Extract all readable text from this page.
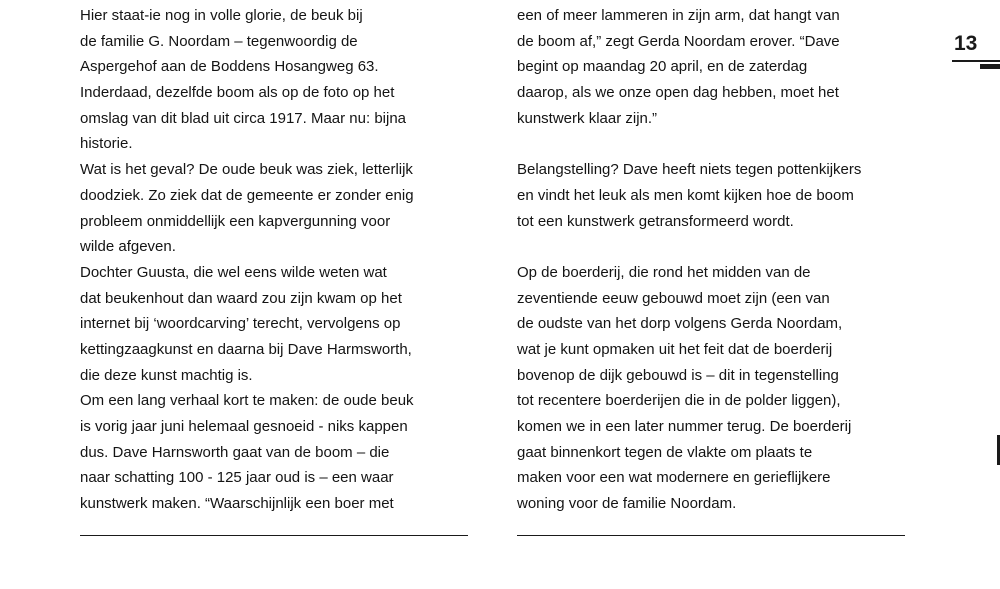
Hier staat-ie nog in volle glorie, de beuk bij
de familie G. Noordam – tegenwoordig de
Aspergehof aan de Boddens Hosangweg 63.
Inderdaad, dezelfde boom als op de foto op het
omslag van dit blad uit circa 1917. Maar nu: bijna
historie.
Wat is het geval? De oude beuk was ziek, letterlijk
doodziek. Zo ziek dat de gemeente er zonder enig
probleem onmiddellijk een kapvergunning voor
wilde afgeven.
Dochter Guusta, die wel eens wilde weten wat
dat beukenhout dan waard zou zijn kwam op het
internet bij ‘woordcarving’ terecht, vervolgens op
kettingzaagkunst en daarna bij Dave Harmsworth,
die deze kunst machtig is.
Om een lang verhaal kort te maken: de oude beuk
is vorig jaar juni helemaal gesnoeid - niks kappen
dus. Dave Harnsworth gaat van de boom – die
naar schatting 100 - 125 jaar oud is – een waar
kunstwerk maken. “Waarschijnlijk een boer met
een of meer lammeren in zijn arm, dat hangt van
de boom af,” zegt Gerda Noordam erover. “Dave
begint op maandag 20 april, en de zaterdag
daarop, als we onze open dag hebben, moet het
kunstwerk klaar zijn.”
Belangstelling? Dave heeft niets tegen pottenkijkers
en vindt het leuk als men komt kijken hoe de boom
tot een kunstwerk getransformeerd wordt.
Op de boerderij, die rond het midden van de
zeventiende eeuw gebouwd moet zijn (een van
de oudste van het dorp volgens Gerda Noordam,
wat je kunt opmaken uit het feit dat de boerderij
bovenop de dijk gebouwd is – dit in tegenstelling
tot recentere boerderijen die in de polder liggen),
komen we in een later nummer terug. De boerderij
gaat binnenkort tegen de vlakte om plaats te
maken voor een wat modernere en gerieflijkere
woning voor de familie Noordam.
13
